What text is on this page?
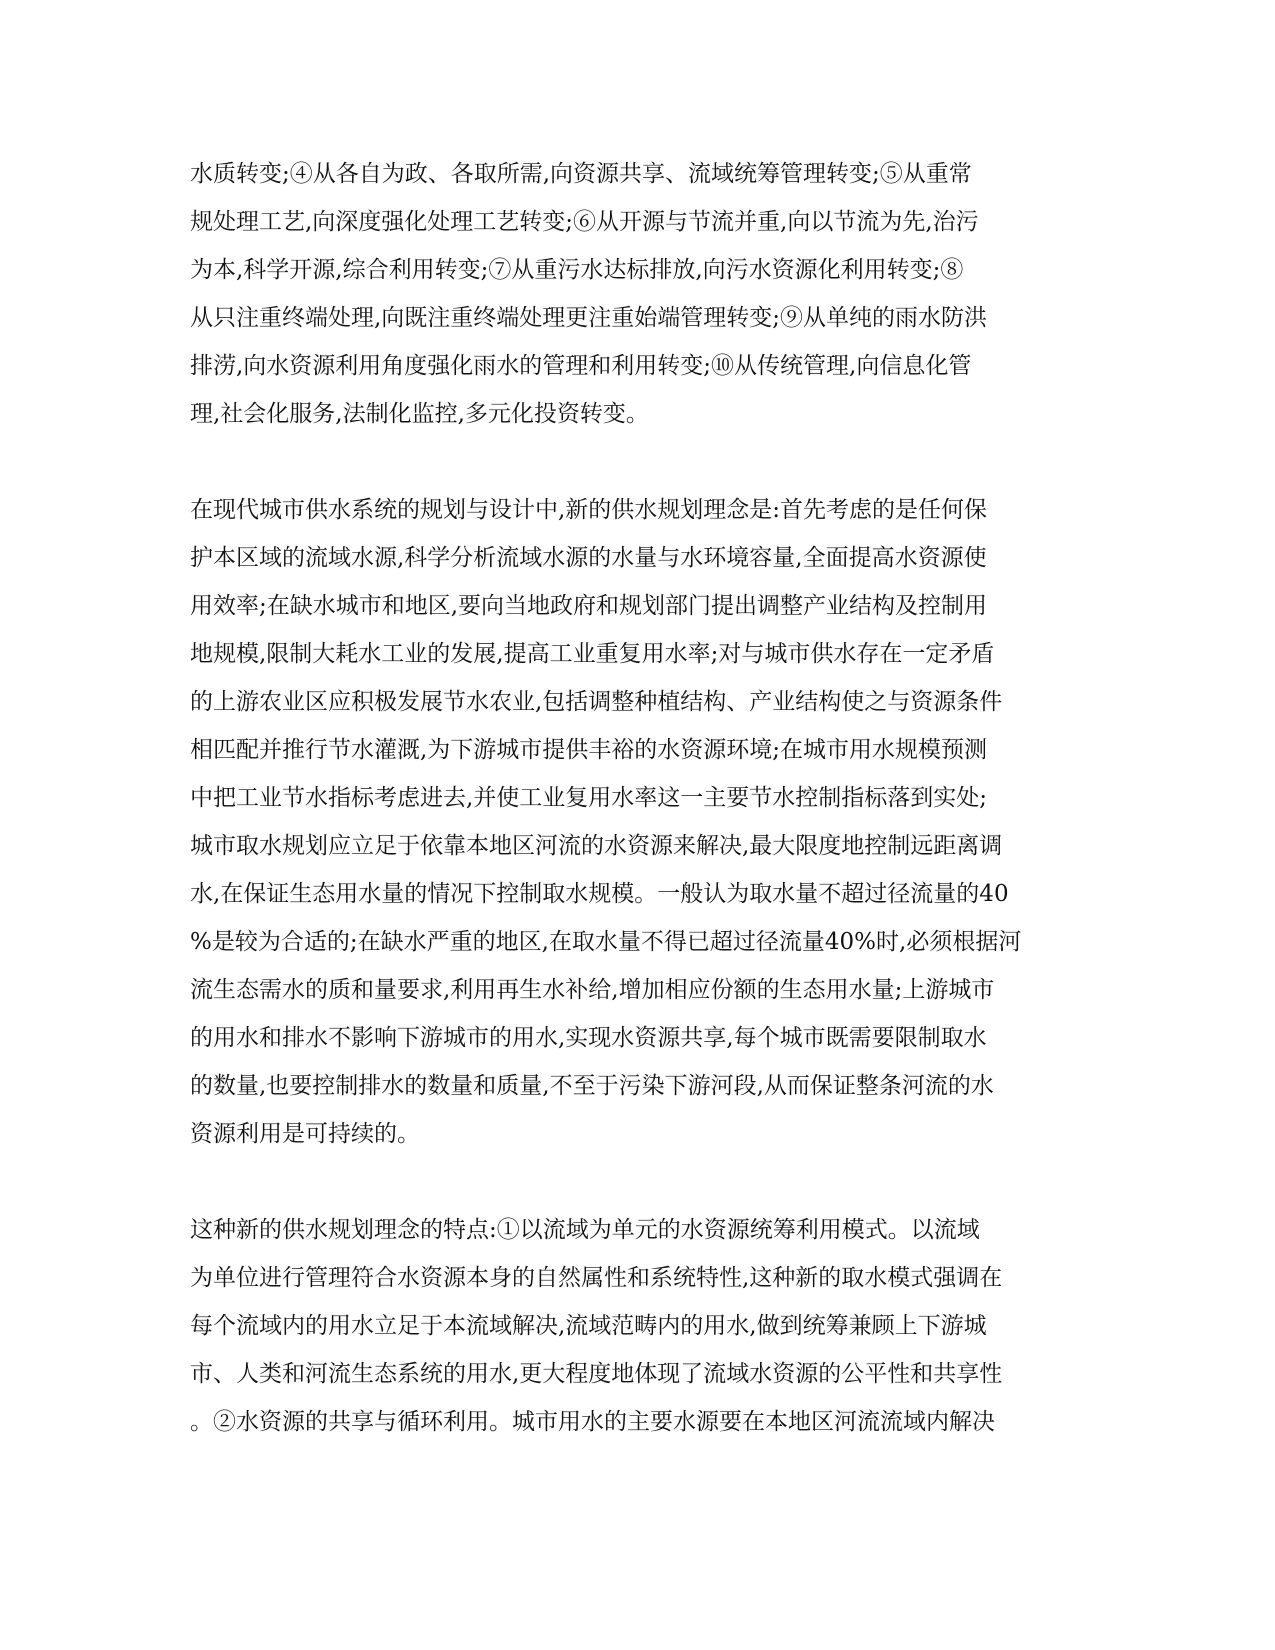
水质转变;④从各自为政、各取所需,向资源共享、流域统筹管理转变;⑤从重常
规处理工艺,向深度强化处理工艺转变;⑥从开源与节流并重,向以节流为先,治污
为本,科学开源,综合利用转变;⑦从重污水达标排放,向污水资源化利用转变;⑧
从只注重终端处理,向既注重终端处理更注重始端管理转变;⑨从单纯的雨水防洪
排涝,向水资源利用角度强化雨水的管理和利用转变;⑩从传统管理,向信息化管
理,社会化服务,法制化监控,多元化投资转变。
在现代城市供水系统的规划与设计中,新的供水规划理念是:首先考虑的是任何保
护本区域的流域水源,科学分析流域水源的水量与水环境容量,全面提高水资源使
用效率;在缺水城市和地区,要向当地政府和规划部门提出调整产业结构及控制用
地规模,限制大耗水工业的发展,提高工业重复用水率;对与城市供水存在一定矛盾
的上游农业区应积极发展节水农业,包括调整种植结构、产业结构使之与资源条件
相匹配并推行节水灌溉,为下游城市提供丰裕的水资源环境;在城市用水规模预测
中把工业节水指标考虑进去,并使工业复用水率这一主要节水控制指标落到实处;
城市取水规划应立足于依靠本地区河流的水资源来解决,最大限度地控制远距离调
水,在保证生态用水量的情况下控制取水规模。一般认为取水量不超过径流量的40
%是较为合适的;在缺水严重的地区,在取水量不得已超过径流量40%时,必须根据河
流生态需水的质和量要求,利用再生水补给,增加相应份额的生态用水量;上游城市
的用水和排水不影响下游城市的用水,实现水资源共享,每个城市既需要限制取水
的数量,也要控制排水的数量和质量,不至于污染下游河段,从而保证整条河流的水
资源利用是可持续的。
这种新的供水规划理念的特点:①以流域为单元的水资源统筹利用模式。以流域
为单位进行管理符合水资源本身的自然属性和系统特性,这种新的取水模式强调在
每个流域内的用水立足于本流域解决,流域范畴内的用水,做到统筹兼顾上下游城
市、人类和河流生态系统的用水,更大程度地体现了流域水资源的公平性和共享性
。②水资源的共享与循环利用。城市用水的主要水源要在本地区河流流域内解决
